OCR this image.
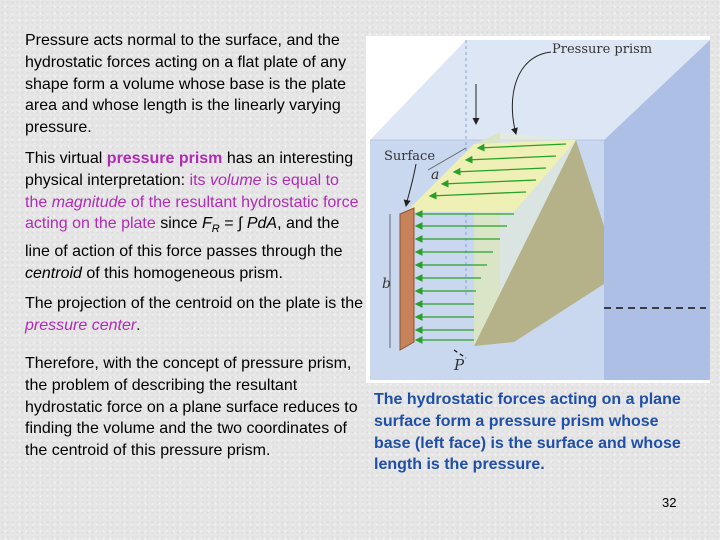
Pressure acts normal to the surface, and the hydrostatic forces acting on a flat plate of any shape form a volume whose base is the plate area and whose length is the linearly varying pressure.

This virtual pressure prism has an interesting physical interpretation: its volume is equal to the magnitude of the resultant hydrostatic force acting on the plate since $F_R$ = ∫ PdA, and the line of action of this force passes through the centroid of this homogeneous prism.

The projection of the centroid on the plate is the pressure center.

Therefore, with the concept of pressure prism, the problem of describing the resultant hydrostatic force on a plane surface reduces to finding the volume and the two coordinates of the centroid of this pressure prism.

Pressure prism
Surface
a
b
P
The hydrostatic forces acting on a plane surface form a pressure prism whose base (left face) is the surface and whose length is the pressure.
32
